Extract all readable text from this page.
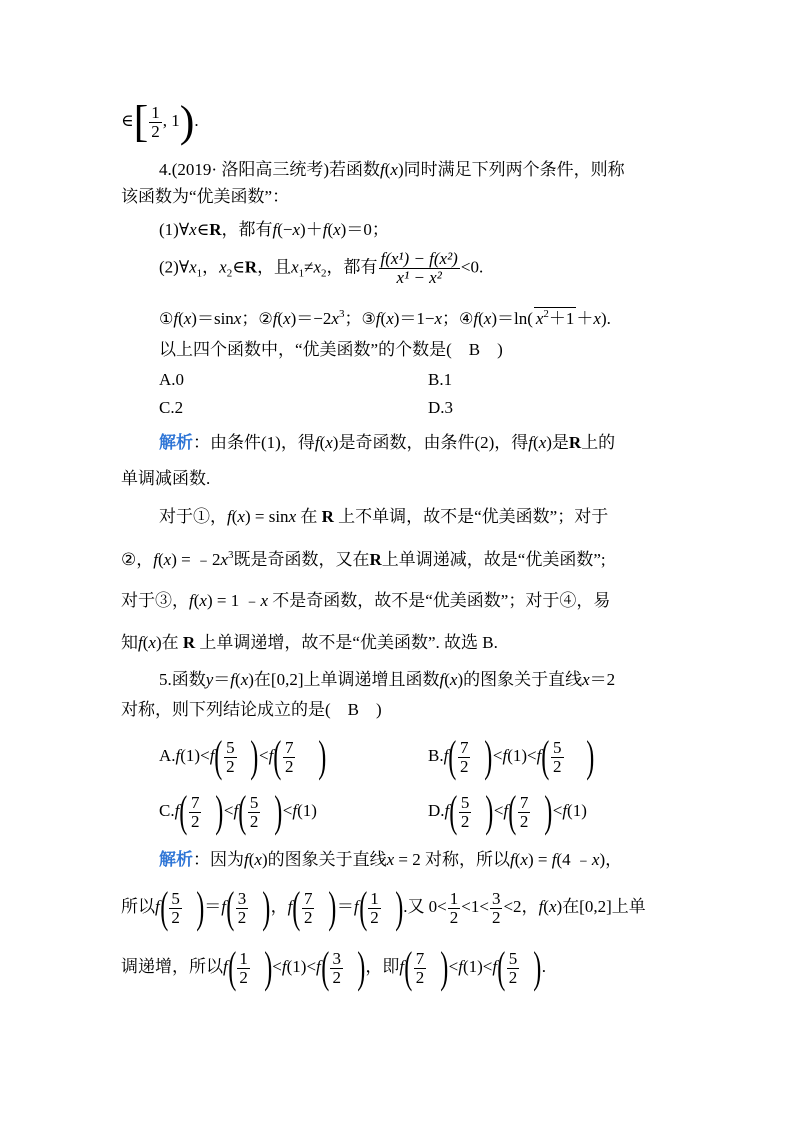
∈[ $\frac{1}{2}$ , 1).
4.(2019· 洛阳高三统考)若函数f(x)同时满足下列两个条件，则称
该函数为“优美函数”：
(1)∀x∈R，都有f(−x)＋f(x)＝0；
$(2)\forall x_1$，$x_2\in R$，且$x_1\ne x_2$，都有 $\frac{\text{f(x¹) − f(x²)}}{\text{x¹ − x²}} <0$.
①f(x)＝sinx；$②f(x)=-2x^3$；③f(x)＝1−x；④f(x)＝ln( $x^2+1 +x$).
以上四个函数中，“优美函数”的个数是(　B　)
A.0	B.1
C.2	D.3
解析：由条件(1)，得f(x)是奇函数，由条件(2)，得f(x)是R上的
单调减函数.
对于①，f(x) = sinx 在 R 上不单调，故不是“优美函数”；对于
②，$f(x) = ﹣2x^3$既是奇函数，又在R上单调递减，故是“优美函数”;
对于③，f(x) = 1 ﹣x 不是奇函数，故不是“优美函数”；对于④，易
知f(x)在 R 上单调递增，故不是“优美函数”. 故选 B.
5.函数y＝f(x)在[0,2]上单调递增且函数f(x)的图象关于直线x＝2
对称，则下列结论成立的是(　B　)
$A.f(1)<f( \frac{5}{2} )<f( \frac{7}{2}$ )	$B.f( \frac{7}{2} )<f(1)<f( \frac{5}{2}$ )
$C.f( \frac{7}{2} )<f( \frac{5}{2} )<f(1)$	$D.f( \frac{5}{2} )<f( \frac{7}{2} )<f(1)$
解析：因为f(x)的图象关于直线x = 2 对称，所以f(x) = f(4 ﹣x)，
所以$f( \frac{5}{2} )=f( \frac{3}{2}$ )，$f( \frac{7}{2} )=f( \frac{1}{2}$ ).又 $0< \frac{1}{2} <1< \frac{3}{2} <2$，f(x)在[0,2]上单
调递增，所以$f( \frac{1}{2} )<f(1)<f( \frac{3}{2}$ )，即$f( \frac{7}{2} )<f(1)<f( \frac{5}{2}$ ).
